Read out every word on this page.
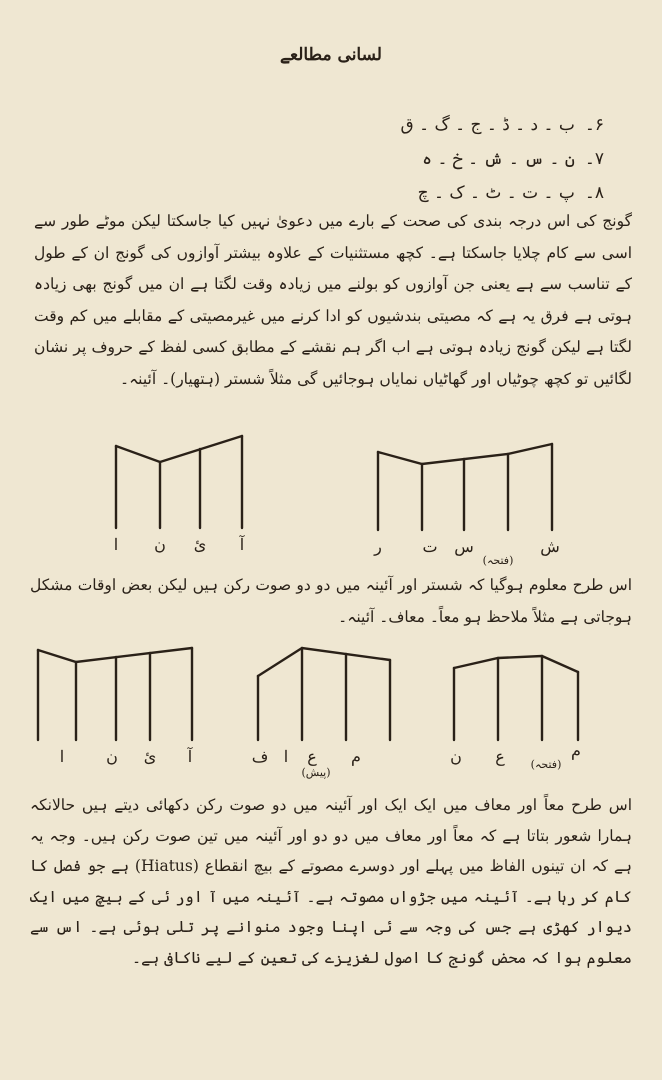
لسانی مطالعے
۶۔
ب ۔ د ۔ ڈ ۔ ج ۔ گ ۔ ق
۷۔
ن ۔ س ۔ ش ۔ خ ۔ ہ
۸۔
پ ۔ ت ۔ ٹ ۔ ک ۔ چ
گونج کی اس درجہ بندی کی صحت کے بارے میں دعویٰ نہیں کیا جاسکتا لیکن موٹے طور سے اسی سے کام چلایا جاسکتا ہے۔ کچھ مستثنیات کے علاوہ بیشتر آوازوں کی گونج ان کے طول کے تناسب سے ہے یعنی جن آوازوں کو بولنے میں زیادہ وقت لگتا ہے ان میں گونج بھی زیادہ ہوتی ہے فرق یہ ہے کہ مصیتی بندشیوں کو ادا کرنے میں غیرمصیتی کے مقابلے میں کم وقت لگتا ہے لیکن گونج زیادہ ہوتی ہے اب اگر ہم نقشے کے مطابق کسی لفظ کے حروف پر نشان لگائیں تو کچھ چوٹیاں اور گھاٹیاں نمایاں ہوجائیں گی مثلاً شستر (ہتھیار)۔ آئینہ۔
آ
ئ
ن
ا	ش
س
ت
ر
(فتحہ)
اس طرح معلوم ہوگیا کہ شستر اور آئینہ میں دو دو صوت رکن ہیں لیکن بعض اوقات مشکل ہوجاتی ہے مثلاً ملاحظ ہو معاً۔ معاف۔ آئینہ۔
آ
ئ
ن
ا	م
ع
ا
ف
(پیش)
م
ع
ن	(فتحہ)
اس طرح معاً اور معاف میں ایک ایک اور آئینہ میں دو صوت رکن دکھائی دیتے ہیں حالانکہ ہمارا شعور بتاتا ہے کہ معاً اور معاف میں دو دو اور آئینہ میں تین صوت رکن ہیں۔ وجہ یہ ہے کہ ان تینوں الفاظ میں پہلے اور دوسرے مصوتے کے بیچ انقطاع (Hiatus) ہے جو فصل کا کام کر رہا ہے۔ آئینہ میں جڑواں مصوتہ ہے۔ آئینہ میں آ اور ئی کے بیچ میں ایک دیوار کھڑی ہے جس کی وجہ سے ئی اپنا وجود منوانے پر تلی ہوئی ہے۔ اس سے معلوم ہوا کہ محض گونج کا اصول لغزیزے کی تعین کے لیے ناکافی ہے۔
